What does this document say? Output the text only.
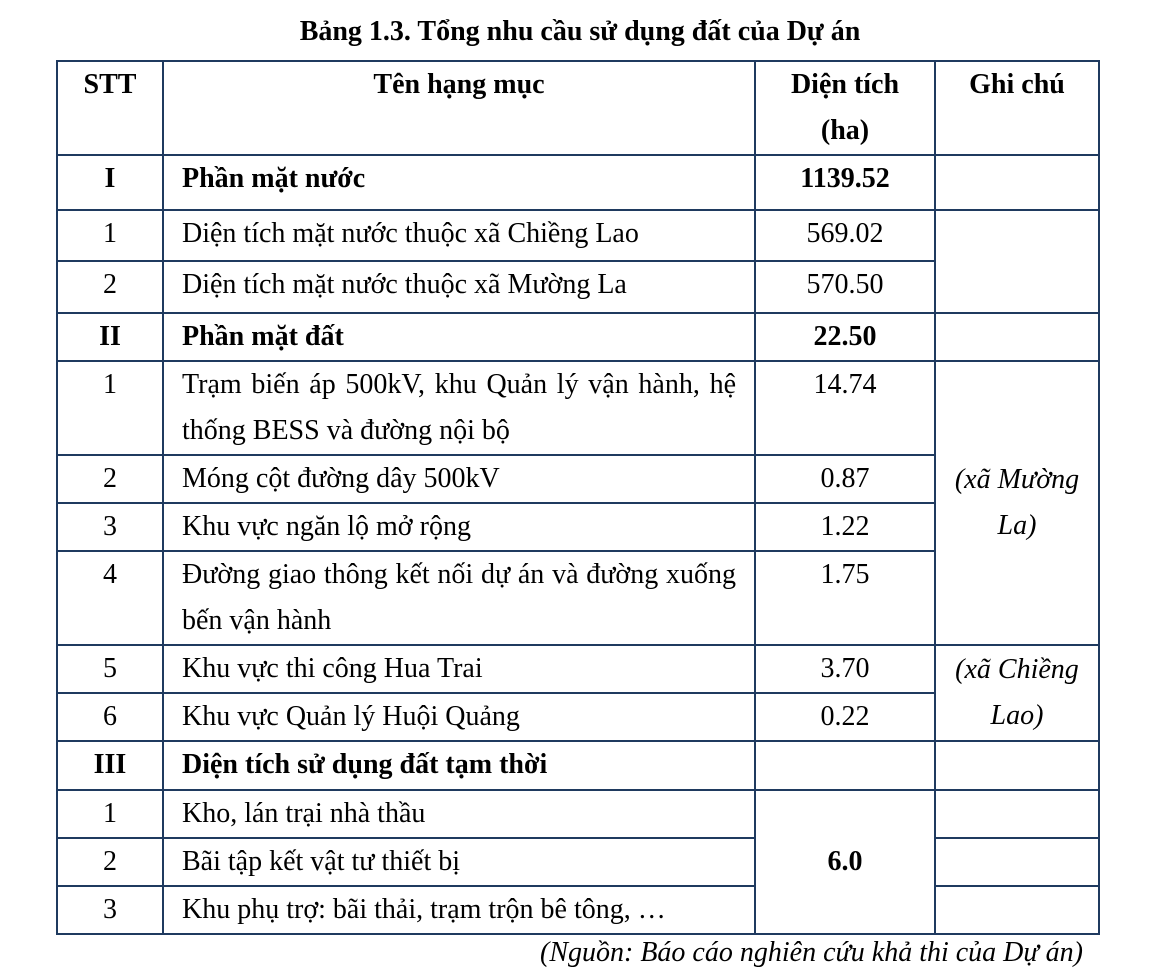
Bảng 1.3. Tổng nhu cầu sử dụng đất của Dự án
STT	Tên hạng mục	Diện tích (ha)	Ghi chú
I	Phần mặt nước	1139.52	
1	Diện tích mặt nước thuộc xã Chiềng Lao	569.02	
2	Diện tích mặt nước thuộc xã Mường La	570.50	
II	Phần mặt đất	22.50	
1	Trạm biến áp 500kV, khu Quản lý vận hành, hệ thống BESS và đường nội bộ	14.74	(xã Mường La)
2	Móng cột đường dây 500kV	0.87	
3	Khu vực ngăn lộ mở rộng	1.22	
4	Đường giao thông kết nối dự án và đường xuống bến vận hành	1.75	
5	Khu vực thi công Hua Trai	3.70	(xã Chiềng Lao)
6	Khu vực Quản lý Huội Quảng	0.22	
III	Diện tích sử dụng đất tạm thời		
1	Kho, lán trại nhà thầu	6.0	
2	Bãi tập kết vật tư thiết bị		
3	Khu phụ trợ: bãi thải, trạm trộn bê tông, …		
(Nguồn: Báo cáo nghiên cứu khả thi của Dự án)
